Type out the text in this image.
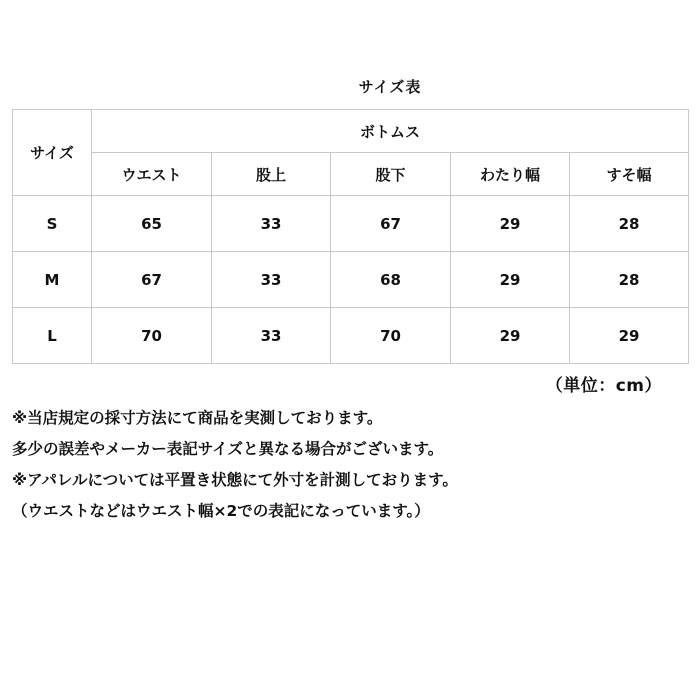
サイズ表
サイズ	ボトムス				
	ウエスト	股上	股下	わたり幅	すそ幅
S	65	33	67	29	28
M	67	33	68	29	28
L	70	33	70	29	29
（単位：cm）
※当店規定の採寸方法にて商品を実測しております。
多少の誤差やメーカー表記サイズと異なる場合がございます。
※アパレルについては平置き状態にて外寸を計測しております。
（ウエストなどはウエスト幅×2での表記になっています。）
